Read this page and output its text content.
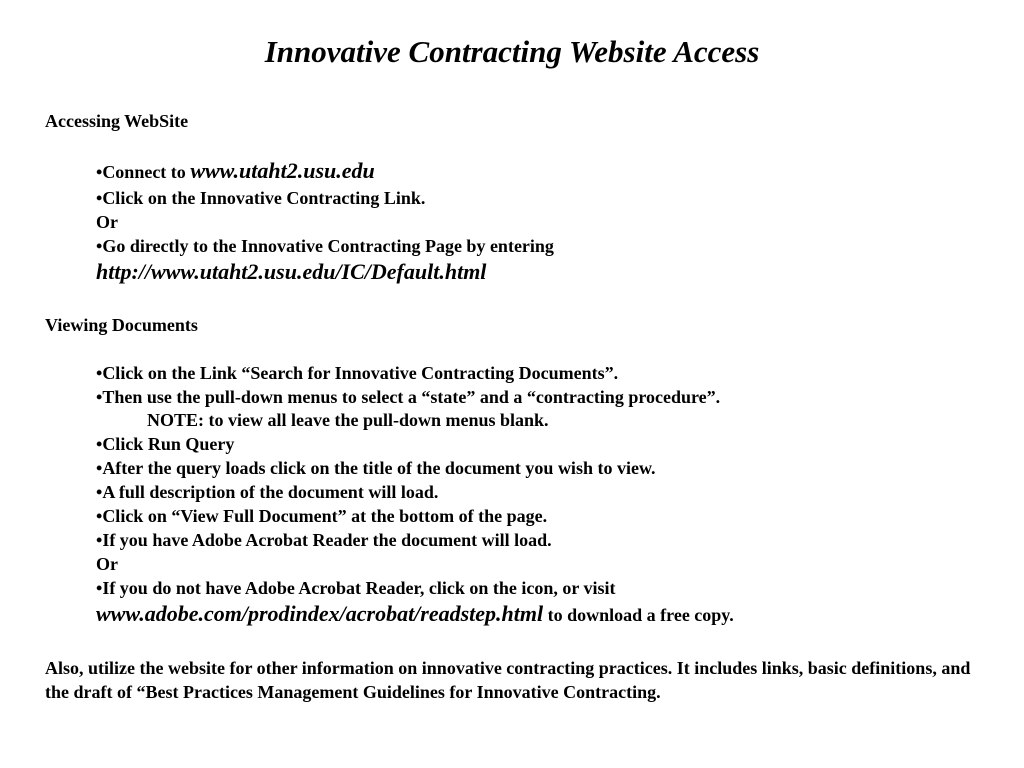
Innovative Contracting Website Access
Accessing WebSite
•Connect to www.utaht2.usu.edu
•Click on the Innovative Contracting Link.
Or
•Go directly to the Innovative Contracting Page by entering
http://www.utaht2.usu.edu/IC/Default.html
Viewing Documents
•Click on the Link “Search for Innovative Contracting Documents”.
•Then use the pull-down menus to select a “state” and a “contracting procedure”.
NOTE: to view all leave the pull-down menus blank.
•Click Run Query
•After the query loads click on the title of the document you wish to view.
•A full description of the document will load.
•Click on “View Full Document” at the bottom of the page.
•If you have Adobe Acrobat Reader the document will load.
Or
•If you do not have Adobe Acrobat Reader, click on the icon, or visit
www.adobe.com/prodindex/acrobat/readstep.html to download a free copy.
Also, utilize the website for other information on innovative contracting practices. It includes links, basic definitions, and the draft of “Best Practices Management Guidelines for Innovative Contracting.
